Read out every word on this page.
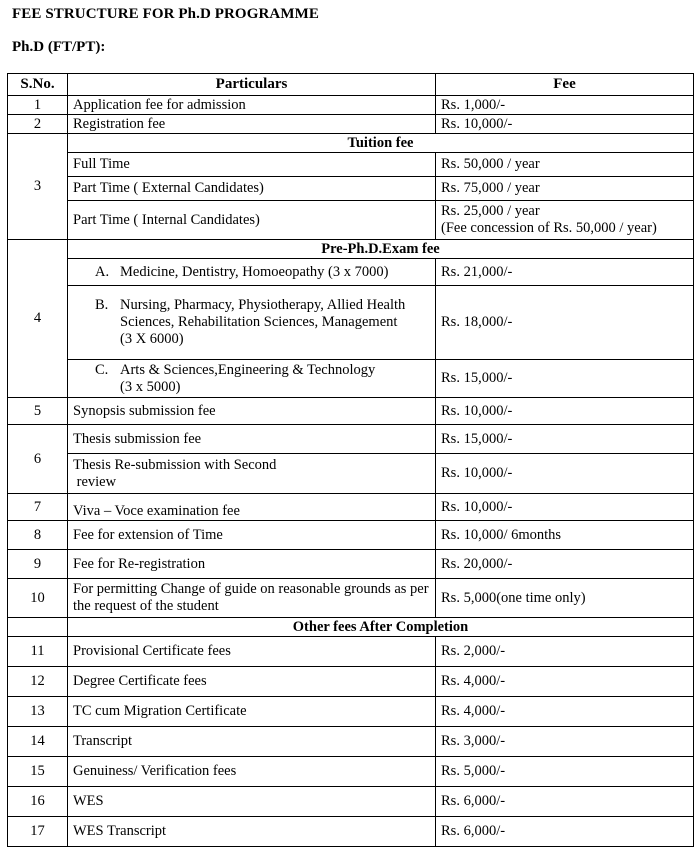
FEE STRUCTURE FOR Ph.D PROGRAMME
Ph.D (FT/PT):
S.No.	Particulars	Fee
1	Application fee for admission	Rs. 1,000/-
2	Registration fee	Rs. 10,000/-
3	Tuition fee	
	Full Time	Rs. 50,000 / year
	Part Time ( External Candidates)	Rs. 75,000 / year
	Part Time ( Internal Candidates)	Rs. 25,000 / year
(Fee concession of Rs. 50,000 / year)

4	Pre-Ph.D.Exam fee	

	A. Medicine, Dentistry, Homoeopathy (3 x 7000)	Rs. 21,000/-

	B. Nursing, Pharmacy, Physiotherapy, Allied Health Sciences, Rehabilitation Sciences, Management
(3 X 6000)	Rs. 18,000/-

	C. Arts & Sciences,Engineering & Technology
(3 x 5000)	Rs. 15,000/-
5	Synopsis submission fee	Rs. 10,000/-
6	Thesis submission fee	Rs. 15,000/-
	Thesis Re-submission with Second
review	Rs. 10,000/-
7	Viva – Voce examination fee	Rs. 10,000/-
8	Fee for extension of Time	Rs. 10,000/ 6months
9	Fee for Re-registration	Rs. 20,000/-
10	For permitting Change of guide on reasonable grounds as per the request of the student	Rs. 5,000(one time only)
	Other fees After Completion	
11	Provisional Certificate fees	Rs. 2,000/-
12	Degree Certificate fees	Rs. 4,000/-
13	TC cum Migration Certificate	Rs. 4,000/-
14	Transcript	Rs. 3,000/-
15	Genuiness/ Verification fees	Rs. 5,000/-
16	WES	Rs. 6,000/-
17	WES Transcript	Rs. 6,000/-
